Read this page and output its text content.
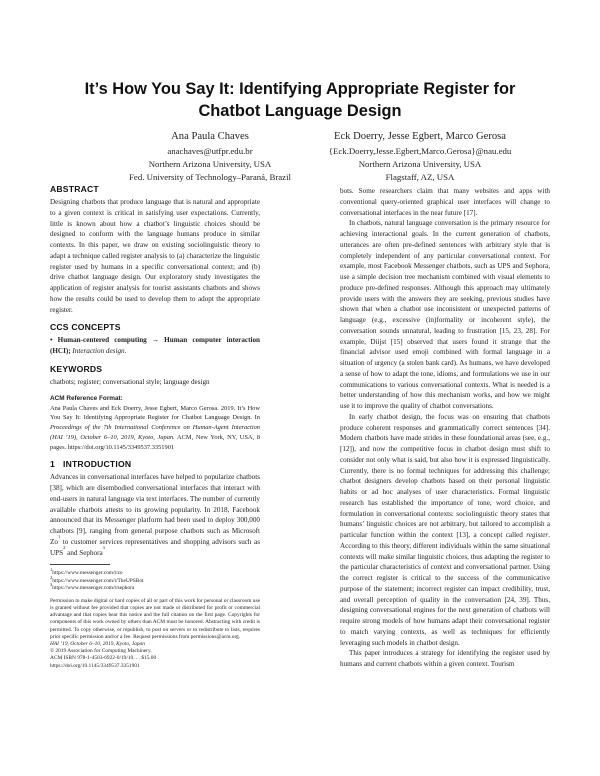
It’s How You Say It: Identifying Appropriate Register for Chatbot Language Design
Ana Paula Chaves
anachaves@utfpr.edu.br
Northern Arizona University, USA
Fed. University of Technology–Paraná, Brazil
Eck Doerry, Jesse Egbert, Marco Gerosa
{Eck.Doerry,Jesse.Egbert,Marco.Gerosa}@nau.edu
Northern Arizona University, USA
Flagstaff, AZ, USA
ABSTRACT

Designing chatbots that produce language that is natural and appropriate to a given context is critical in satisfying user expectations. Currently, little is known about how a chatbot’s linguistic choices should be designed to conform with the language humans produce in similar contexts. In this paper, we draw on existing sociolinguistic theory to adapt a technique called register analysis to (a) characterize the linguistic register used by humans in a specific conversational context; and (b) drive chatbot language design. Our exploratory study investigates the application of register analysis for tourist assistants chatbots and shows how the results could be used to develop them to adopt the appropriate register.

CCS CONCEPTS

• Human-centered computing → Human computer interaction (HCI); Interaction design.

KEYWORDS

chatbots; register; conversational style; language design

ACM Reference Format:

Ana Paula Chaves and Eck Doerry, Jesse Egbert, Marco Gerosa. 2019. It’s How You Say It: Identifying Appropriate Register for Chatbot Language Design. In Proceedings of the 7th International Conference on Human-Agent Interaction (HAI ’19), October 6–10, 2019, Kyoto, Japan. ACM, New York, NY, USA, 8 pages. https://doi.org/10.1145/3349537.3351901

1 INTRODUCTION

Advances in conversational interfaces have helped to popularize chatbots [38], which are disembodied conversational interfaces that interact with end-users in natural language via text interfaces. The number of currently available chatbots attests to its growing popularity. In 2018, Facebook announced that its Messenger platform had been used to deploy 300,000 chatbots [9], ranging from general purpose chatbots such as Microsoft Zo$^1$ to customer services representatives and shopping advisors such as UPS$^2$ and Sephora$^3$

$^1$https://www.messenger.com/t/zo

$^2$https://www.messenger.com/t/TheUPSBot

$^3$https://www.messenger.com/t/sephora

Permission to make digital or hard copies of all or part of this work for personal or classroom use is granted without fee provided that copies are not made or distributed for profit or commercial advantage and that copies bear this notice and the full citation on the first page. Copyrights for components of this work owned by others than ACM must be honored. Abstracting with credit is permitted. To copy otherwise, or republish, to post on servers or to redistribute to lists, requires prior specific permission and/or a fee. Request permissions from permissions@acm.org.

HAI ’19, October 6–10, 2019, Kyoto, Japan

© 2019 Association for Computing Machinery.

ACM ISBN 978-1-4503-6922-0/19/10. . . $15.00

https://doi.org/10.1145/3349537.3351901

bots. Some researchers claim that many websites and apps with conventional query-oriented graphical user interfaces will change to conversational interfaces in the near future [17].

In chatbots, natural language conversation is the primary resource for achieving interactional goals. In the current generation of chatbots, utterances are often pre-defined sentences with arbitrary style that is completely independent of any particular conversational context. For example, most Facebook Messenger chatbots, such as UPS and Sephora, use a simple decision tree mechanism combined with visual elements to produce pre-defined responses. Although this approach may ultimately provide users with the answers they are seeking, previous studies have shown that when a chatbot use inconsistent or unexpected patterns of language (e.g., excessive (in)formality or incoherent style), the conversation sounds unnatural, leading to frustration [15, 23, 28]. For example, Diijst [15] observed that users found it strange that the financial advisor used emoji combined with formal language in a situation of urgency (a stolen bank card). As humans, we have developed a sense of how to adapt the tone, idioms, and formulations we use in our communications to various conversational contexts. What is needed is a better understanding of how this mechanism works, and how we might use it to improve the quality of chatbot conversations.

In early chatbot design, the focus was on ensuring that chatbots produce coherent responses and grammatically correct sentences [34]. Modern chatbots have made strides in these foundational areas (see, e.g., [12]), and now the competitive focus in chatbot design must shift to consider not only what is said, but also how it is expressed linguistically. Currently, there is no formal techniques for addressing this challenge; chatbot designers develop chatbots based on their personal linguistic habits or ad hoc analyses of user characteristics. Formal linguistic research has established the importance of tone, word choice, and formulation in conversational contexts: sociolinguistic theory states that humans’ linguistic choices are not arbitrary, but tailored to accomplish a particular function within the context [13], a concept called register. According to this theory, different individuals within the same situational contexts will make similar linguistic choices, thus adapting the register to the particular characteristics of context and conversational partner. Using the correct register is critical to the success of the communicative purpose of the statement; incorrect register can impact credibility, trust, and overall perception of quality in the conversation [24, 39]. Thus, designing conversational engines for the next generation of chatbots will require strong models of how humans adapt their conversational register to match varying contexts, as well as techniques for efficiently leveraging such models in chatbot design.

This paper introduces a strategy for identifying the register used by humans and current chatbots within a given context. Tourism
